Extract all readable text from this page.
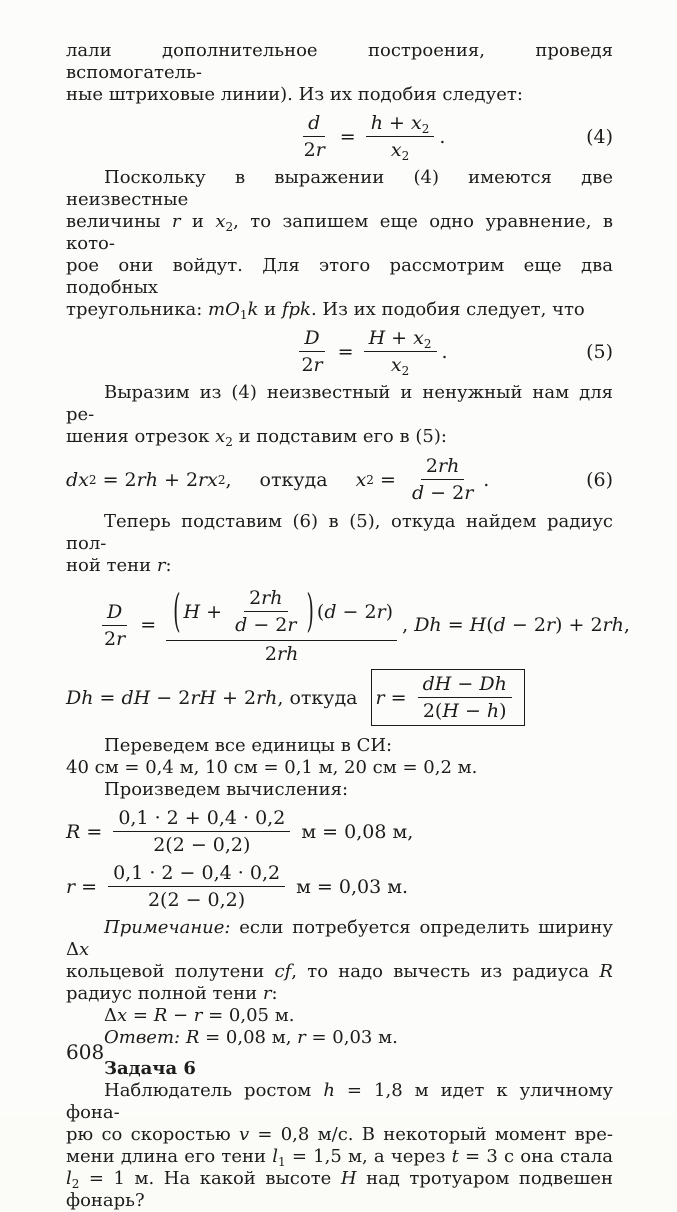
лали дополнительное построения, проведя вспомогатель-
ные штриховые линии). Из их подобия следует:
$\frac{d}{2r} = \frac{h + x_2}{x_2}$ .	(4)
Поскольку в выражении (4) имеются две неизвестные
величины r и $x_2$, то запишем еще одно уравнение, в кото-
рое они войдут. Для этого рассмотрим еще два подобных
треугольника: $mO_1k$ и fpk. Из их подобия следует, что
$\frac{D}{2r} = \frac{H + x_2}{x_2}$ .	(5)
Выразим из (4) неизвестный и ненужный нам для ре-
шения отрезок $x_2$ и подставим его в (5):
dx 2 = 2 rh + 2 rx 2 , откуда x $2 = \frac{2rh}{d - 2r}$ .	(6)
Теперь подставим (6) в (5), откуда найдем радиус пол-
ной тени r:
$\frac{D}{2r}$ = ( $H + \frac{2rh}{d - 2r}$ ) ( d − 2 r )
2rh
, Dh = H ( d − 2 r ) + 2 rh ,
Dh = dH − 2 rH + 2 rh , откуда $r = \frac{dH - Dh}{2(H - h)}$
Переведем все единицы в СИ:
40 см = 0,4 м, 10 см = 0,1 м, 20 см = 0,2 м.
Произведем вычисления:
$R = \frac{0,1 \cdot 2 + 0,4 \cdot 0,2}{2(2 - 0,2)}$ м = 0,08 м,
$r = \frac{0,1 \cdot 2 - 0,4 \cdot 0,2}{2(2 - 0,2)}$ м = 0,03 м.
Примечание: если потребуется определить ширину Δx
кольцевой полутени cf, то надо вычесть из радиуса R
радиус полной тени r:
Δx = R − r = 0,05 м.
Ответ: R = 0,08 м, r = 0,03 м.
Задача 6
Наблюдатель ростом h = 1,8 м идет к уличному фона-
рю со скоростью v = 0,8 м/с. В некоторый момент вре-
мени длина его тени $l_1 = 1,5$ м, а через t = 3 с она стала
$l_2 = 1$ м. На какой высоте H над тротуаром подвешен
фонарь?
608
